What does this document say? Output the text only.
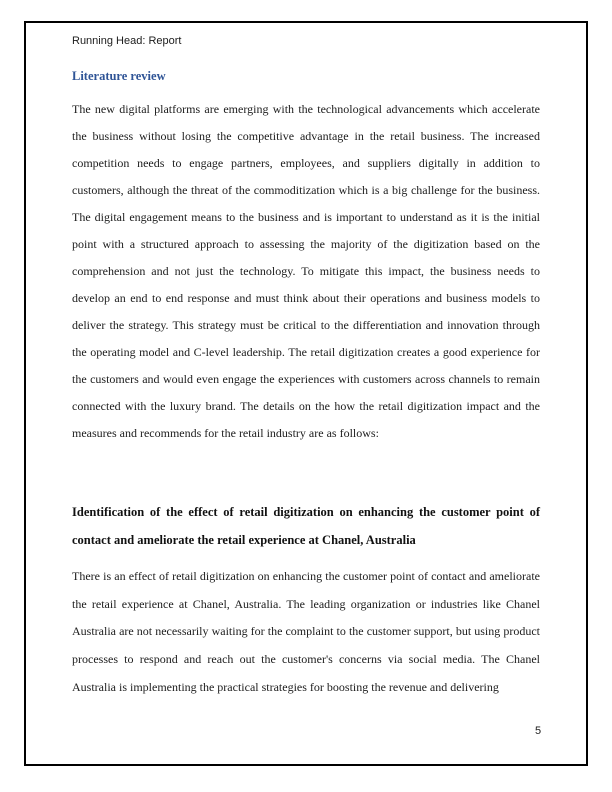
Running Head: Report
Literature review
The new digital platforms are emerging with the technological advancements which accelerate the business without losing the competitive advantage in the retail business. The increased competition needs to engage partners, employees, and suppliers digitally in addition to customers, although the threat of the commoditization which is a big challenge for the business. The digital engagement means to the business and is important to understand as it is the initial point with a structured approach to assessing the majority of the digitization based on the comprehension and not just the technology. To mitigate this impact, the business needs to develop an end to end response and must think about their operations and business models to deliver the strategy. This strategy must be critical to the differentiation and innovation through the operating model and C-level leadership. The retail digitization creates a good experience for the customers and would even engage the experiences with customers across channels to remain connected with the luxury brand. The details on the how the retail digitization impact and the measures and recommends for the retail industry are as follows:
Identification of the effect of retail digitization on enhancing the customer point of contact and ameliorate the retail experience at Chanel, Australia
There is an effect of retail digitization on enhancing the customer point of contact and ameliorate the retail experience at Chanel, Australia. The leading organization or industries like Chanel Australia are not necessarily waiting for the complaint to the customer support, but using product processes to respond and reach out the customer's concerns via social media. The Chanel Australia is implementing the practical strategies for boosting the revenue and delivering
5
